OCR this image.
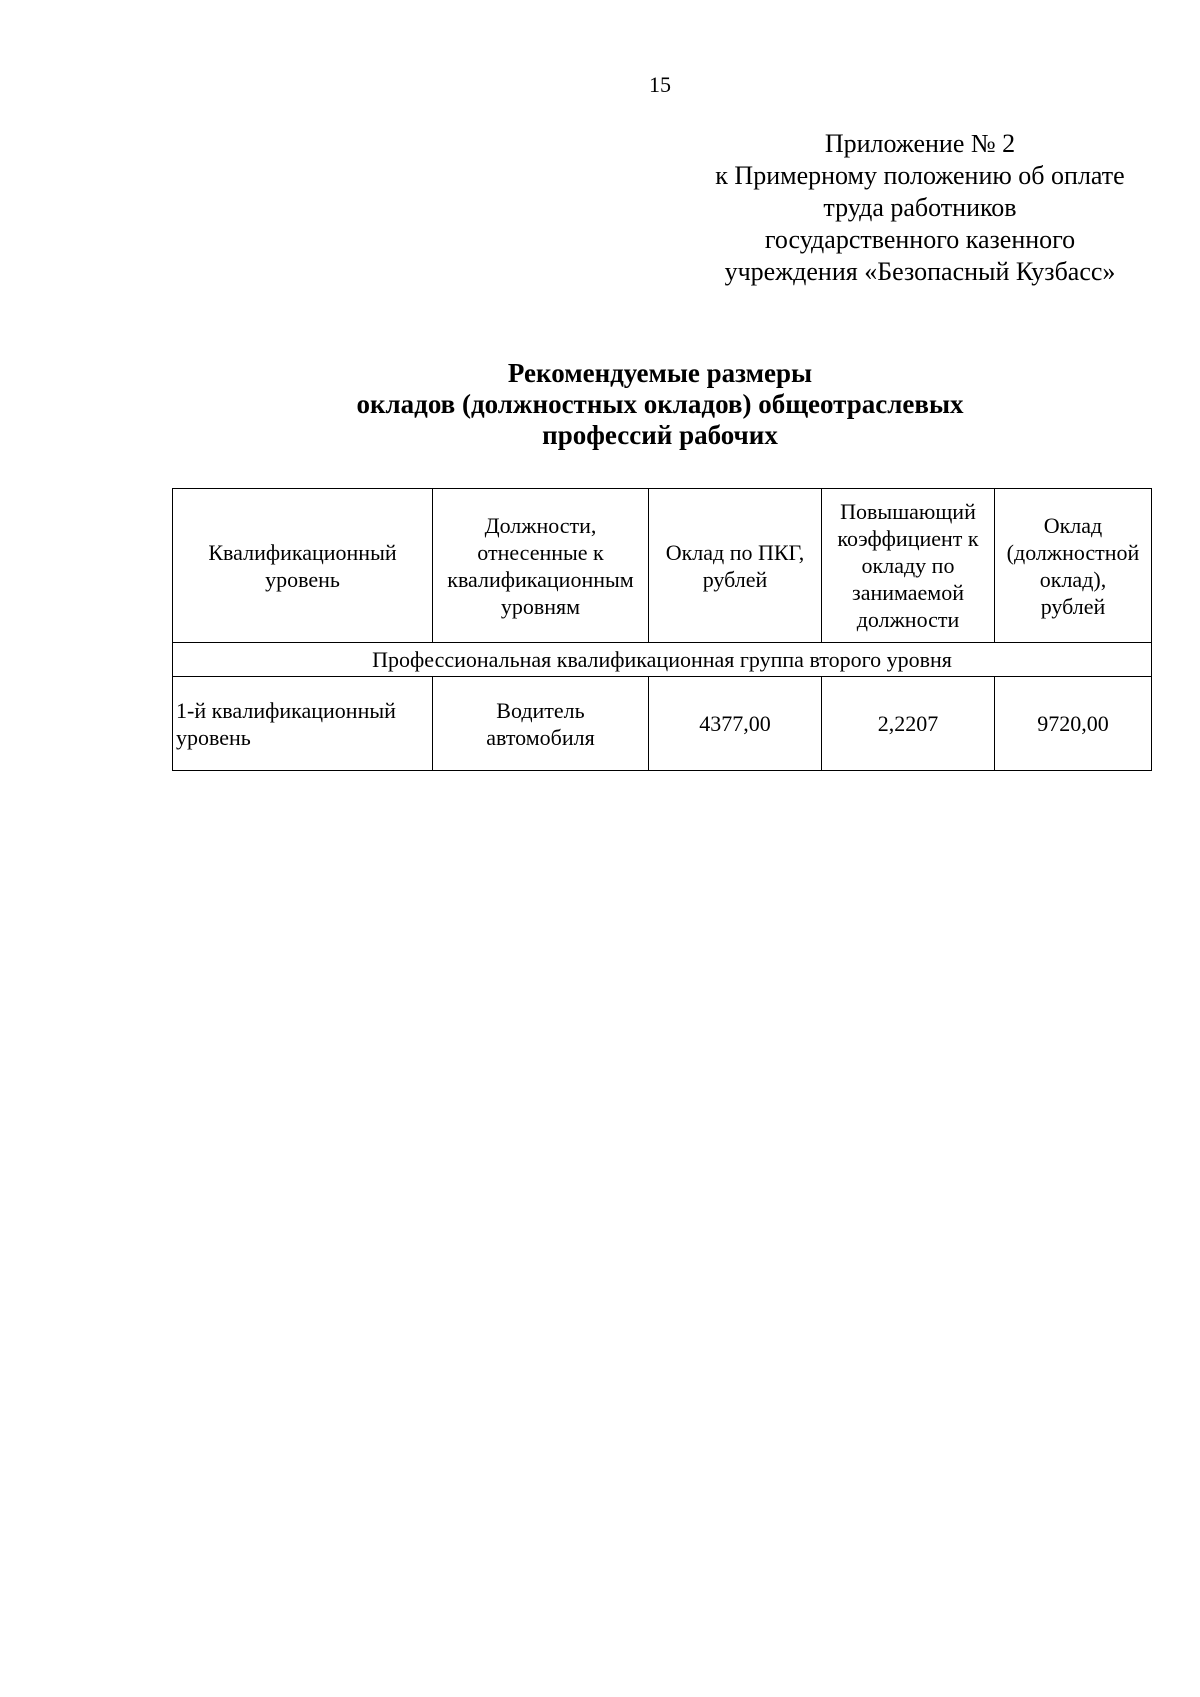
15
Приложение № 2
к Примерному положению об оплате
труда работников
государственного казенного
учреждения «Безопасный Кузбасс»
Рекомендуемые размеры
окладов (должностных окладов) общеотраслевых
профессий рабочих
Квалификационный
уровень	Должности,
отнесенные к
квалификационным
уровням	Оклад по ПКГ,
рублей	Повышающий
коэффициент к
окладу по
занимаемой
должности	Оклад
(должностной
оклад),
рублей

Профессиональная квалификационная группа второго уровня				

1-й квалификационный
уровень	Водитель
автомобиля	4377,00	2,2207	9720,00
